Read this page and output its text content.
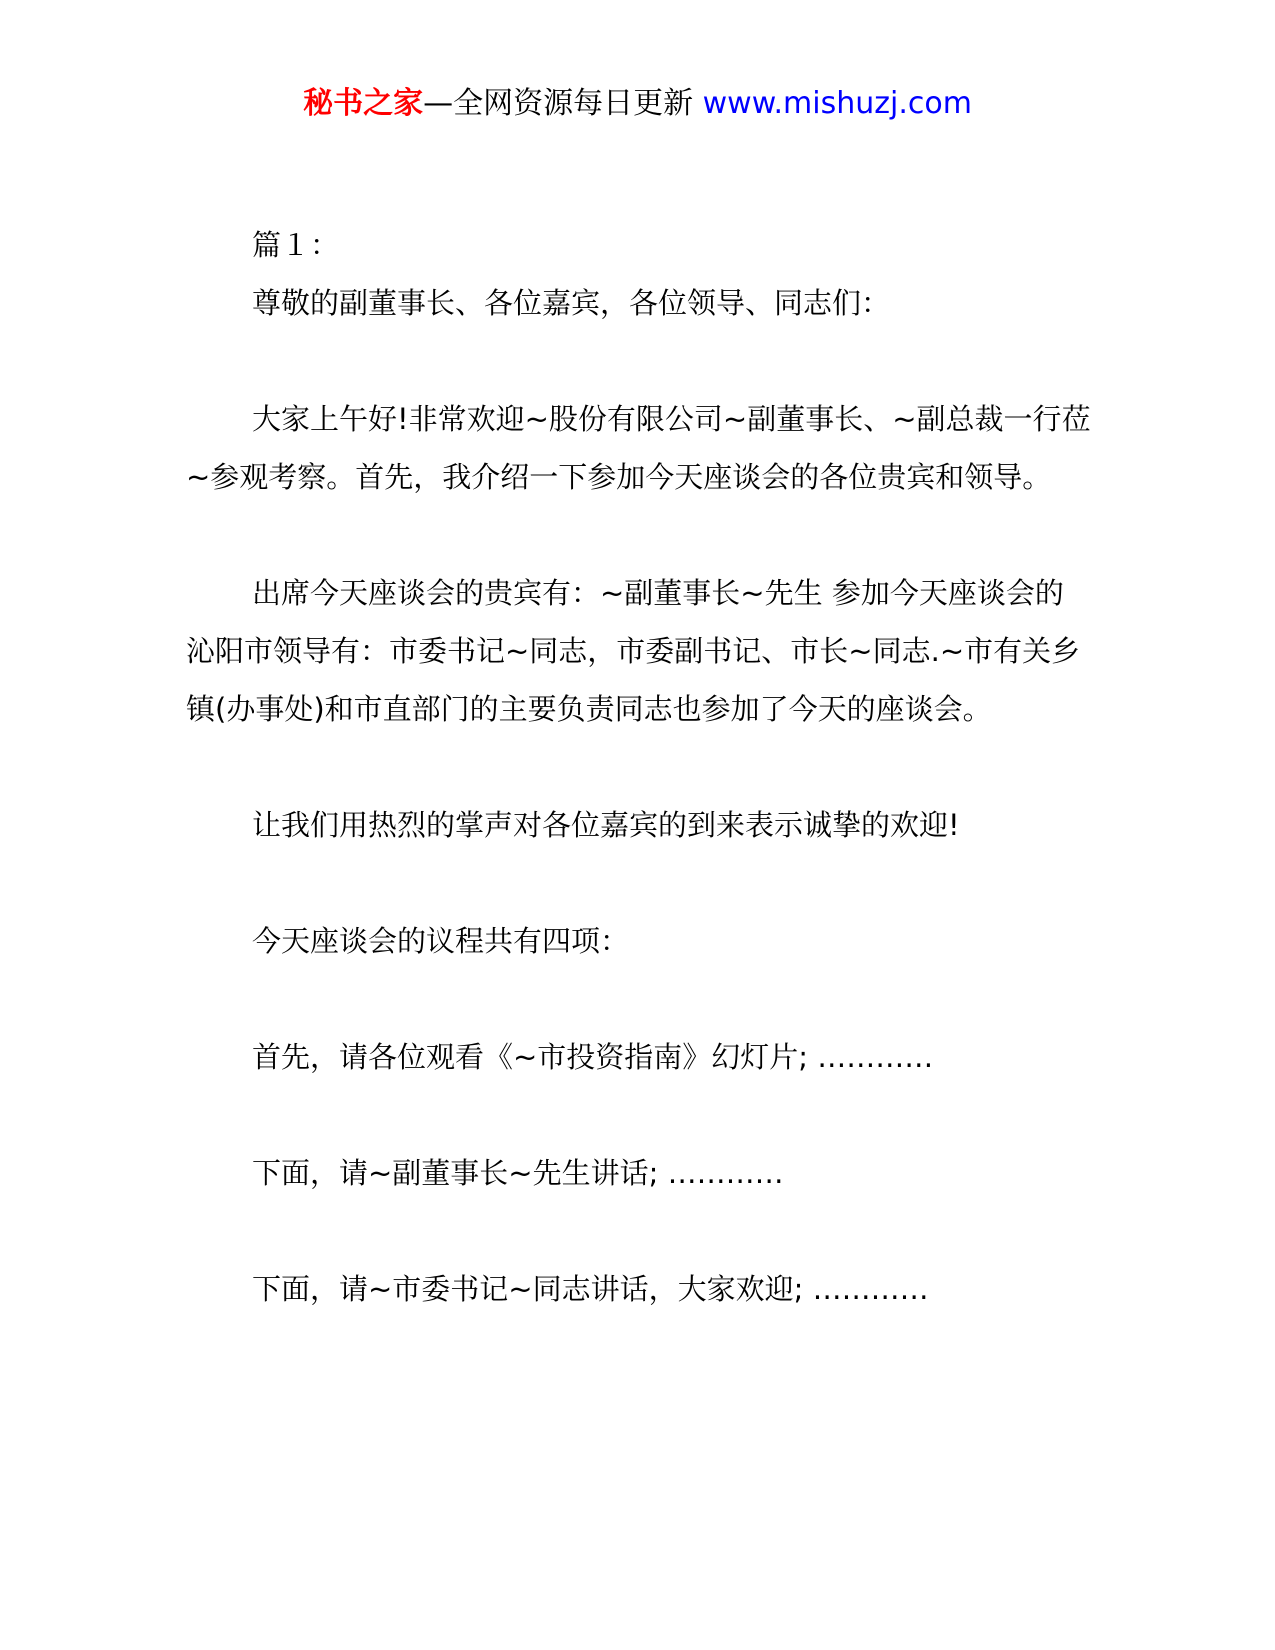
秘书之家—全网资源每日更新 www.mishuzj.com

篇１：

尊敬的副董事长、各位嘉宾，各位领导、同志们：

大家上午好!非常欢迎~股份有限公司~副董事长、~副总裁一行莅~参观考察。首先，我介绍一下参加今天座谈会的各位贵宾和领导。

出席今天座谈会的贵宾有：~副董事长~先生 参加今天座谈会的沁阳市领导有：市委书记~同志，市委副书记、市长~同志.~市有关乡镇(办事处)和市直部门的主要负责同志也参加了今天的座谈会。

让我们用热烈的掌声对各位嘉宾的到来表示诚挚的欢迎!

今天座谈会的议程共有四项：

首先，请各位观看《~市投资指南》幻灯片; …………

下面，请~副董事长~先生讲话; …………

下面，请~市委书记~同志讲话，大家欢迎; …………
